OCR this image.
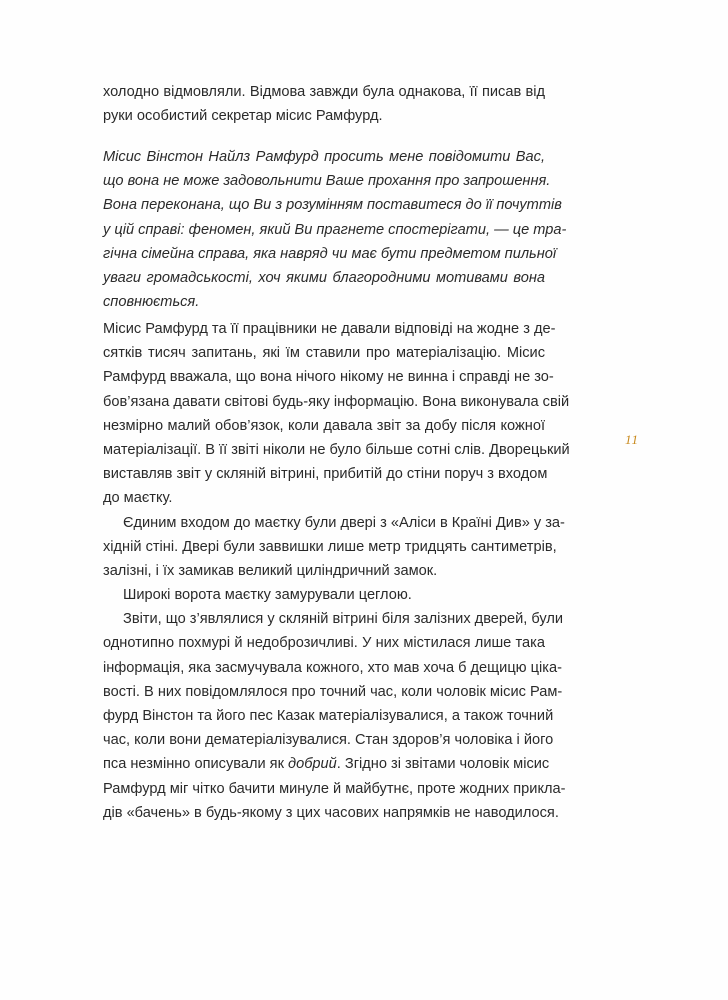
холодно відмовляли. Відмова завжди була однакова, її писав від
руки особистий секретар місис Рамфурд.
Місис Вінстон Найлз Рамфурд просить мене повідомити Вас,
що вона не може задовольнити Ваше прохання про запрошення.
Вона переконана, що Ви з розумінням поставитеся до її почуттів
у цій справі: феномен, який Ви прагнете спостерігати, — це тра-
гічна сімейна справа, яка навряд чи має бути предметом пильної
уваги громадськості, хоч якими благородними мотивами вона
сповнюється.
Місис Рамфурд та її працівники не давали відповіді на жодне з де-
сятків тисяч запитань, які їм ставили про матеріалізацію. Місис
Рамфурд вважала, що вона нічого нікому не винна і справді не зо-
бов’язана давати світові будь-яку інформацію. Вона виконувала свій
незмірно малий обов’язок, коли давала звіт за добу після кожної
матеріалізації. В її звіті ніколи не було більше сотні слів. Дворецький
виставляв звіт у скляній вітрині, прибитій до стіни поруч з входом
до маєтку.
Єдиним входом до маєтку були двері з «Аліси в Країні Див» у за-
хідній стіні. Двері були заввишки лише метр тридцять сантиметрів,
залізні, і їх замикав великий циліндричний замок.
Широкі ворота маєтку замурували цеглою.
Звіти, що з’являлися у скляній вітрині біля залізних дверей, були
однотипно похмурі й недоброзичливі. У них містилася лише така
інформація, яка засмучувала кожного, хто мав хоча б дещицю ціка-
вості. В них повідомлялося про точний час, коли чоловік місис Рам-
фурд Вінстон та його пес Казак матеріалізувалися, а також точний
час, коли вони дематеріалізувалися. Стан здоров’я чоловіка і його
пса незмінно описували як добрий. Згідно зі звітами чоловік місис
Рамфурд міг чітко бачити минуле й майбутнє, проте жодних прикла-
дів «бачень» в будь-якому з цих часових напрямків не наводилося.
11
